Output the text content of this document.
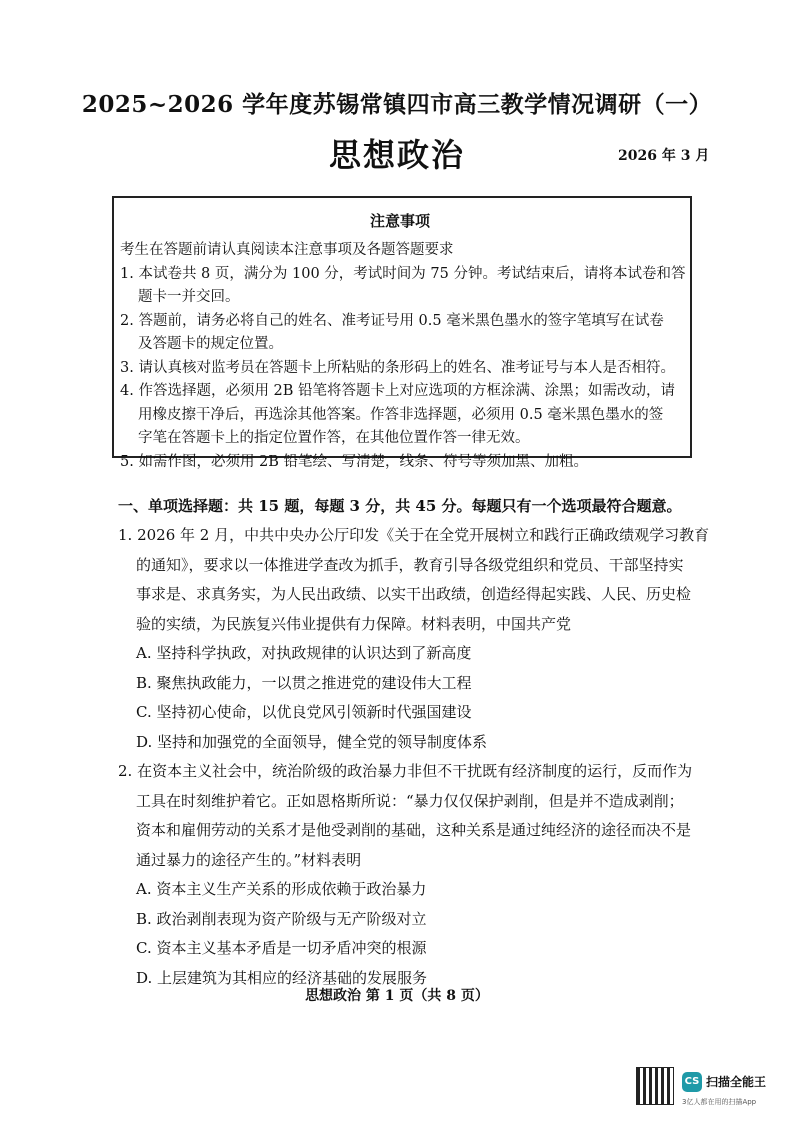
2025~2026 学年度苏锡常镇四市高三教学情况调研（一）
思想政治	2026 年 3 月
注意事项
考生在答题前请认真阅读本注意事项及各题答题要求
1. 本试卷共 8 页，满分为 100 分，考试时间为 75 分钟。考试结束后，请将本试卷和答
题卡一并交回。
2. 答题前，请务必将自己的姓名、准考证号用 0.5 毫米黑色墨水的签字笔填写在试卷
及答题卡的规定位置。
3. 请认真核对监考员在答题卡上所粘贴的条形码上的姓名、准考证号与本人是否相符。
4. 作答选择题，必须用 2B 铅笔将答题卡上对应选项的方框涂满、涂黑；如需改动，请
用橡皮擦干净后，再选涂其他答案。作答非选择题，必须用 0.5 毫米黑色墨水的签
字笔在答题卡上的指定位置作答，在其他位置作答一律无效。
5. 如需作图，必须用 2B 铅笔绘、写清楚，线条、符号等须加黑、加粗。
一、单项选择题：共 15 题，每题 3 分，共 45 分。每题只有一个选项最符合题意。
1. 2026 年 2 月，中共中央办公厅印发《关于在全党开展树立和践行正确政绩观学习教育
的通知》，要求以一体推进学查改为抓手，教育引导各级党组织和党员、干部坚持实
事求是、求真务实，为人民出政绩、以实干出政绩，创造经得起实践、人民、历史检
验的实绩，为民族复兴伟业提供有力保障。材料表明，中国共产党
A. 坚持科学执政，对执政规律的认识达到了新高度
B. 聚焦执政能力，一以贯之推进党的建设伟大工程
C. 坚持初心使命，以优良党风引领新时代强国建设
D. 坚持和加强党的全面领导，健全党的领导制度体系
2. 在资本主义社会中，统治阶级的政治暴力非但不干扰既有经济制度的运行，反而作为
工具在时刻维护着它。正如恩格斯所说：“暴力仅仅保护剥削，但是并不造成剥削；
资本和雇佣劳动的关系才是他受剥削的基础，这种关系是通过纯经济的途径而决不是
通过暴力的途径产生的。”材料表明
A. 资本主义生产关系的形成依赖于政治暴力
B. 政治剥削表现为资产阶级与无产阶级对立
C. 资本主义基本矛盾是一切矛盾冲突的根源
D. 上层建筑为其相应的经济基础的发展服务
思想政治 第 1 页（共 8 页）
CS 扫描全能王
3亿人都在用的扫描App
